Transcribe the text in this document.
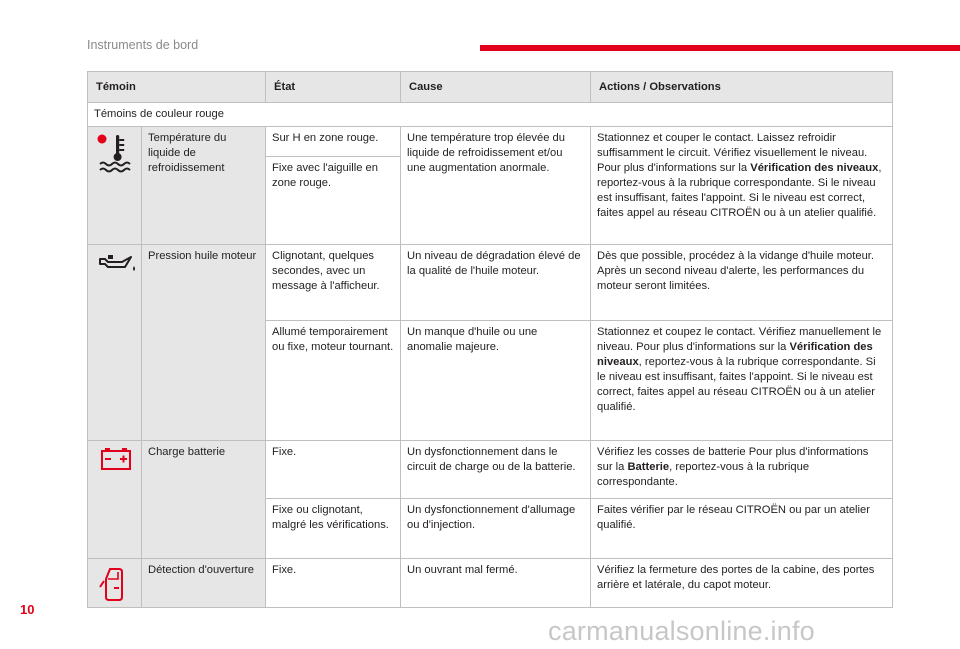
Instruments de bord
Témoin		État	Cause	Actions / Observations
Témoins de couleur rouge				

	Température du liquide de refroidissement	Sur H en zone rouge.	Une température trop élevée du liquide de refroidissement et/ou une augmentation anormale.	Stationnez et couper le contact. Laissez refroidir suffisamment le circuit. Vérifiez visuellement le niveau. Pour plus d'informations sur la Vérification des niveaux, reportez-vous à la rubrique correspondante. Si le niveau est insuffisant, faites l'appoint. Si le niveau est correct, faites appel au réseau CITROËN ou à un atelier qualifié.
		Fixe avec l'aiguille en zone rouge.		

	Pression huile moteur	Clignotant, quelques secondes, avec un message à l'afficheur.	Un niveau de dégradation élevé de la qualité de l'huile moteur.	Dès que possible, procédez à la vidange d'huile moteur. Après un second niveau d'alerte, les performances du moteur seront limitées.
		Allumé temporairement ou fixe, moteur tournant.	Un manque d'huile ou une anomalie majeure.	Stationnez et coupez le contact. Vérifiez manuellement le niveau. Pour plus d'informations sur la Vérification des niveaux, reportez-vous à la rubrique correspondante. Si le niveau est insuffisant, faites l'appoint. Si le niveau est correct, faites appel au réseau CITROËN ou à un atelier qualifié.

	Charge batterie	Fixe.	Un dysfonctionnement dans le circuit de charge ou de la batterie.	Vérifiez les cosses de batterie Pour plus d'informations sur la Batterie, reportez-vous à la rubrique correspondante.
		Fixe ou clignotant, malgré les vérifications.	Un dysfonctionnement d'allumage ou d'injection.	Faites vérifier par le réseau CITROËN ou par un atelier qualifié.

	Détection d'ouverture	Fixe.	Un ouvrant mal fermé.	Vérifiez la fermeture des portes de la cabine, des portes arrière et latérale, du capot moteur.
10
carmanualsonline.info
